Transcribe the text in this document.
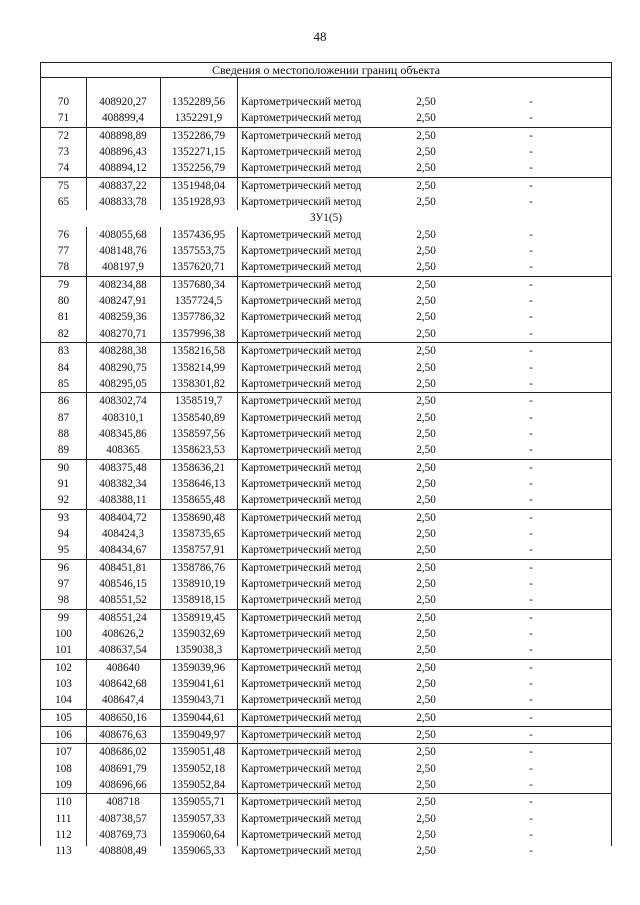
48
Сведения о местоположении границ объекта
70	408920,27	1352289,56	Картометрический метод	2,50	-
71	408899,4	1352291,9	Картометрический метод	2,50	-
72	408898,89	1352286,79	Картометрический метод	2,50	-
73	408896,43	1352271,15	Картометрический метод	2,50	-
74	408894,12	1352256,79	Картометрический метод	2,50	-
75	408837,22	1351948,04	Картометрический метод	2,50	-
65	408833,78	1351928,93	Картометрический метод	2,50	-
ЗУ1(5)
76	408055,68	1357436,95	Картометрический метод	2,50	-
77	408148,76	1357553,75	Картометрический метод	2,50	-
78	408197,9	1357620,71	Картометрический метод	2,50	-
79	408234,88	1357680,34	Картометрический метод	2,50	-
80	408247,91	1357724,5	Картометрический метод	2,50	-
81	408259,36	1357786,32	Картометрический метод	2,50	-
82	408270,71	1357996,38	Картометрический метод	2,50	-
83	408288,38	1358216,58	Картометрический метод	2,50	-
84	408290,75	1358214,99	Картометрический метод	2,50	-
85	408295,05	1358301,82	Картометрический метод	2,50	-
86	408302,74	1358519,7	Картометрический метод	2,50	-
87	408310,1	1358540,89	Картометрический метод	2,50	-
88	408345,86	1358597,56	Картометрический метод	2,50	-
89	408365	1358623,53	Картометрический метод	2,50	-
90	408375,48	1358636,21	Картометрический метод	2,50	-
91	408382,34	1358646,13	Картометрический метод	2,50	-
92	408388,11	1358655,48	Картометрический метод	2,50	-
93	408404,72	1358690,48	Картометрический метод	2,50	-
94	408424,3	1358735,65	Картометрический метод	2,50	-
95	408434,67	1358757,91	Картометрический метод	2,50	-
96	408451,81	1358786,76	Картометрический метод	2,50	-
97	408546,15	1358910,19	Картометрический метод	2,50	-
98	408551,52	1358918,15	Картометрический метод	2,50	-
99	408551,24	1358919,45	Картометрический метод	2,50	-
100	408626,2	1359032,69	Картометрический метод	2,50	-
101	408637,54	1359038,3	Картометрический метод	2,50	-
102	408640	1359039,96	Картометрический метод	2,50	-
103	408642,68	1359041,61	Картометрический метод	2,50	-
104	408647,4	1359043,71	Картометрический метод	2,50	-
105	408650,16	1359044,61	Картометрический метод	2,50	-
106	408676,63	1359049,97	Картометрический метод	2,50	-
107	408686,02	1359051,48	Картометрический метод	2,50	-
108	408691,79	1359052,18	Картометрический метод	2,50	-
109	408696,66	1359052,84	Картометрический метод	2,50	-
110	408718	1359055,71	Картометрический метод	2,50	-
111	408738,57	1359057,33	Картометрический метод	2,50	-
112	408769,73	1359060,64	Картометрический метод	2,50	-
113	408808,49	1359065,33	Картометрический метод	2,50	-
